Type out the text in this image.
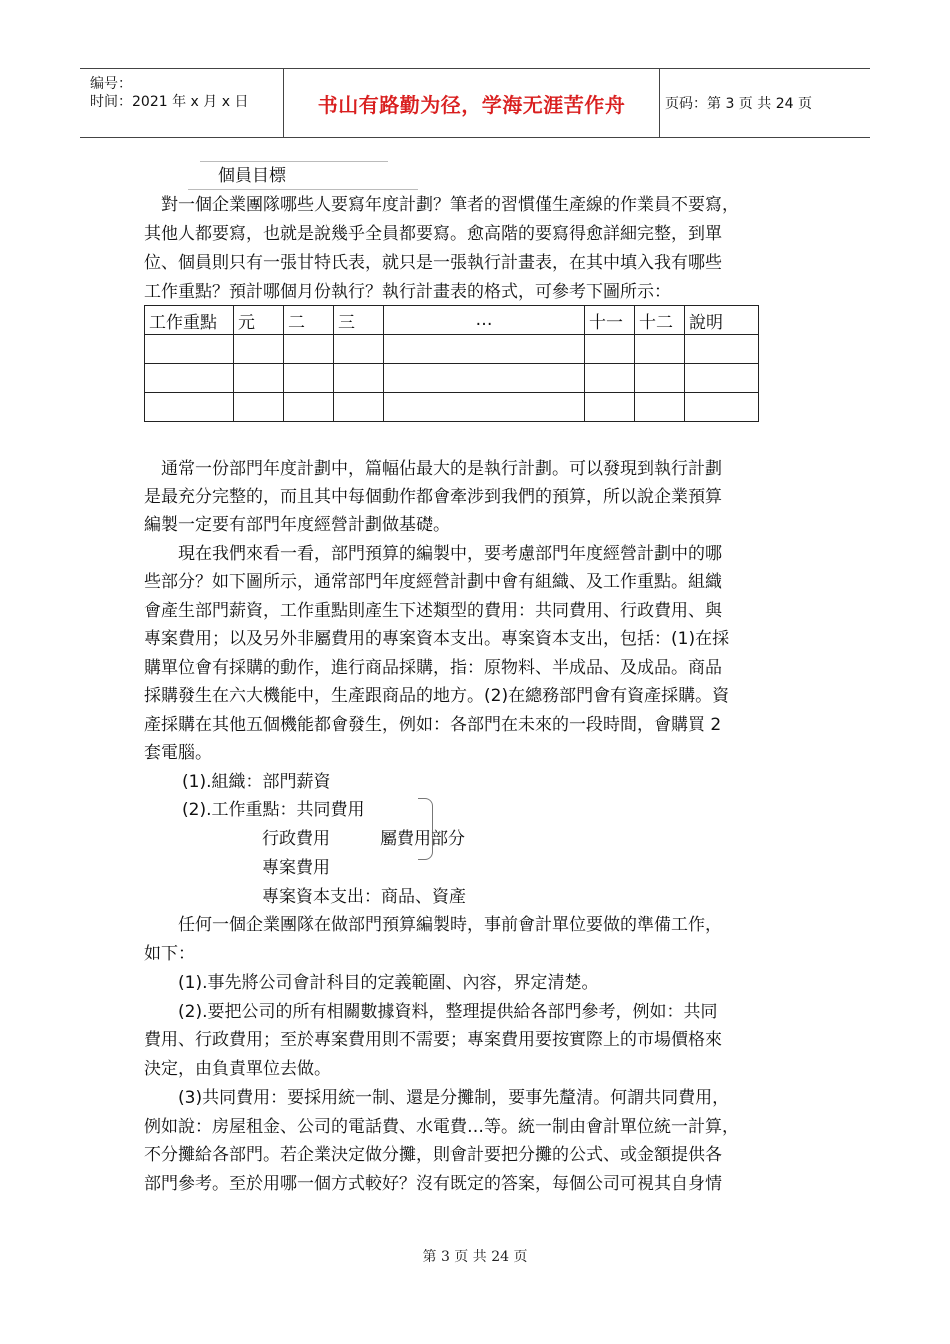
编号：
时间：2021 年 x 月 x 日	书山有路勤为径，学海无涯苦作舟	页码：第 3 页 共 24 页
個員目標
　對一個企業團隊哪些人要寫年度計劃？筆者的習慣僅生產線的作業員不要寫，
其他人都要寫，也就是說幾乎全員都要寫。愈高階的要寫得愈詳細完整，到單
位、個員則只有一張甘特氏表，就只是一張執行計畫表，在其中填入我有哪些
工作重點？預計哪個月份執行？執行計畫表的格式，可參考下圖所示：
工作重點	元	二	三	…	十一	十二	說明

　通常一份部門年度計劃中，篇幅佔最大的是執行計劃。可以發現到執行計劃
是最充分完整的，而且其中每個動作都會牽涉到我們的預算，所以說企業預算
編製一定要有部門年度經營計劃做基礎。
　　現在我們來看一看，部門預算的編製中，要考慮部門年度經營計劃中的哪
些部分？如下圖所示，通常部門年度經營計劃中會有組織、及工作重點。組織
會產生部門薪資，工作重點則產生下述類型的費用：共同費用、行政費用、與
專案費用；以及另外非屬費用的專案資本支出。專案資本支出，包括：(1)在採
購單位會有採購的動作，進行商品採購，指：原物料、半成品、及成品。商品
採購發生在六大機能中，生產跟商品的地方。(2)在總務部門會有資產採購。資
產採購在其他五個機能都會發生，例如：各部門在未來的一段時間，會購買 2
套電腦。
(1).組織：部門薪資
(2).工作重點：共同費用
行政費用	屬費用部分
專案費用
專案資本支出：商品、資產
　　任何一個企業團隊在做部門預算編製時，事前會計單位要做的準備工作，
如下：
　　(1).事先將公司會計科目的定義範圍、內容，界定清楚。
　　(2).要把公司的所有相關數據資料，整理提供給各部門參考，例如：共同
費用、行政費用；至於專案費用則不需要；專案費用要按實際上的市場價格來
決定，由負責單位去做。
　　(3)共同費用：要採用統一制、還是分攤制，要事先釐清。何謂共同費用，
例如說：房屋租金、公司的電話費、水電費…等。統一制由會計單位統一計算，
不分攤給各部門。若企業決定做分攤，則會計要把分攤的公式、或金額提供各
部門參考。至於用哪一個方式較好？沒有既定的答案，每個公司可視其自身情
第 3 页 共 24 页
